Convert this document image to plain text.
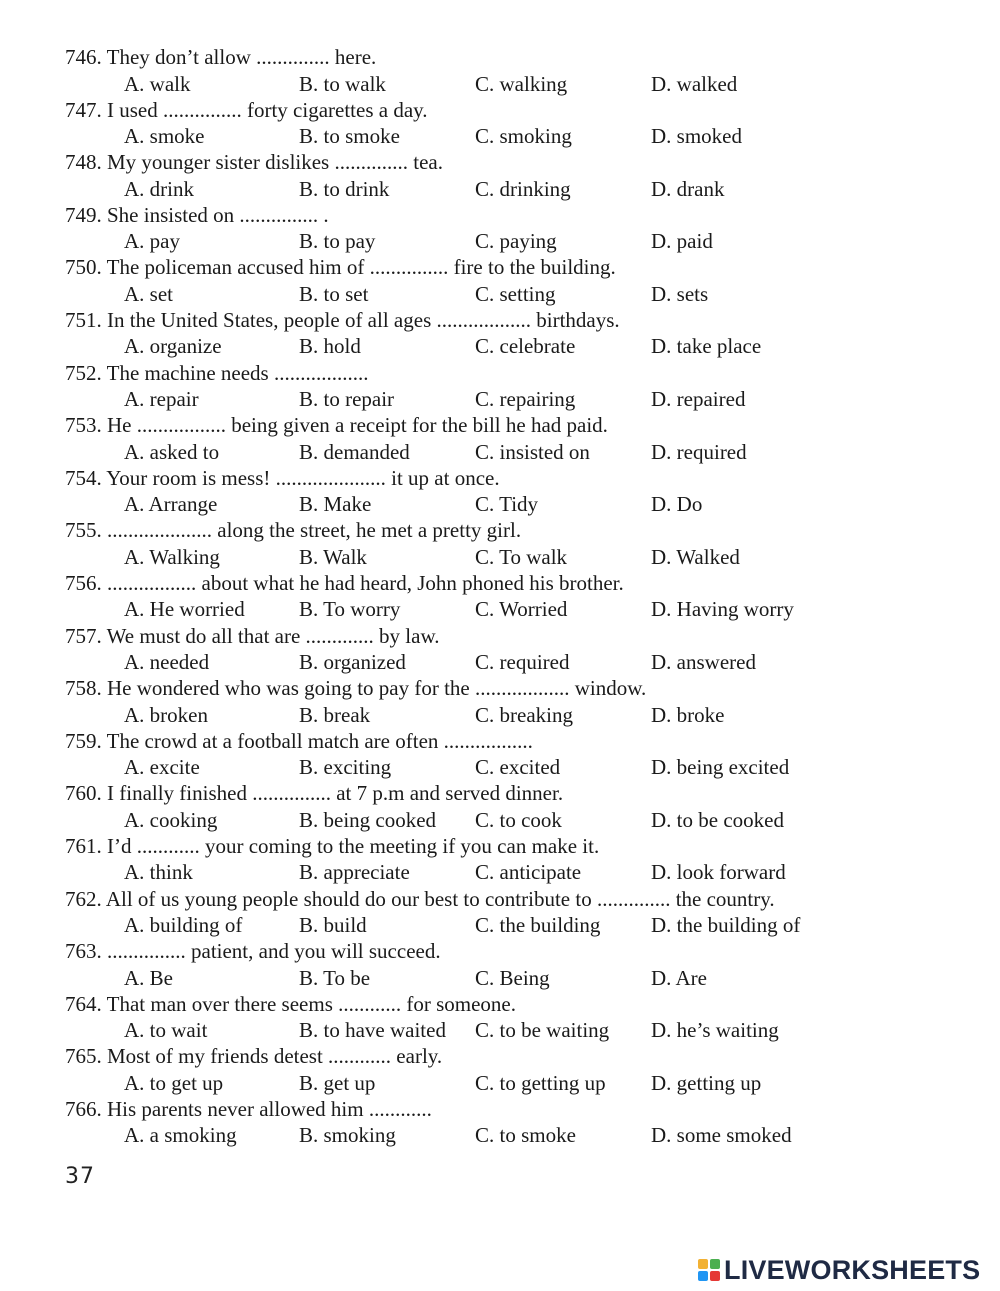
746. They don’t allow .............. here.
A. walk	B. to walk	C. walking	D. walked
747. I used ............... forty cigarettes a day.
A. smoke	B. to smoke	C. smoking	D. smoked
748. My younger sister dislikes .............. tea.
A. drink	B. to drink	C. drinking	D. drank
749. She insisted on ............... .
A. pay	B. to pay	C. paying	D. paid
750. The policeman accused him of ............... fire to the building.
A. set	B. to set	C. setting	D. sets
751. In the United States, people of all ages .................. birthdays.
A. organize	B. hold	C. celebrate	D. take place
752. The machine needs ..................
A. repair	B. to repair	C. repairing	D. repaired
753. He ................. being given a receipt for the bill he had paid.
A. asked to	B. demanded	C. insisted on	D. required
754. Your room is mess! ..................... it up at once.
A. Arrange	B. Make	C. Tidy	D. Do
755. .................... along the street, he met a pretty girl.
A. Walking	B. Walk	C. To walk	D. Walked
756. ................. about what he had heard, John phoned his brother.
A. He worried	B. To worry	C. Worried	D. Having worry
757. We must do all that are ............. by law.
A. needed	B. organized	C. required	D. answered
758. He wondered who was going to pay for the .................. window.
A. broken	B. break	C. breaking	D. broke
759. The crowd at a football match are often .................
A. excite	B. exciting	C. excited	D. being excited
760. I finally finished ............... at 7 p.m and served dinner.
A. cooking	B. being cooked C. to cook	D. to be cooked
761. I’d ............ your coming to the meeting if you can make it.
A. think	B. appreciate	C. anticipate	D. look forward
762. All of us young people should do our best to contribute to .............. the country.
A. building of	B. build	C. the building D. the building of
763. ............... patient, and you will succeed.
A. Be	B. To be	C. Being	D. Are
764. That man over there seems ............ for someone.
A. to wait	B. to have waited C. to be waiting D. he’s waiting
765. Most of my friends detest ............ early.
A. to get up	B. get up	C. to getting up D. getting up
766. His parents never allowed him ............
A. a smoking	B. smoking	C. to smoke	D. some smoked
37
LIVEWORKSHEETS
